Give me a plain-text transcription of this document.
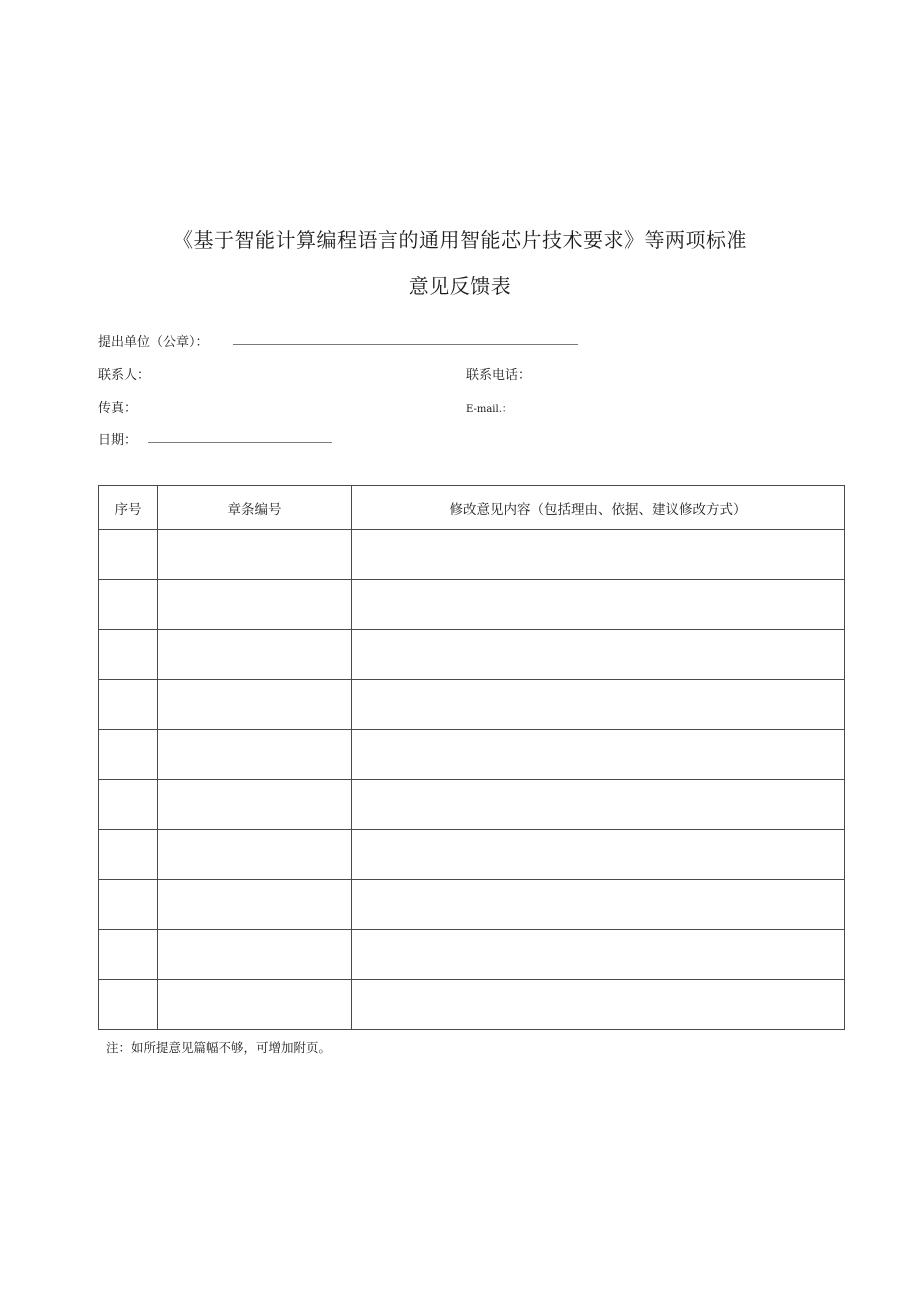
《基于智能计算编程语言的通用智能芯片技术要求》等两项标准
意见反馈表
提出单位（公章）：
联系人：	联系电话：
传真：	E-mail.：
日期：
序号	章条编号	修改意见内容（包括理由、依据、建议修改方式）

注：如所提意见篇幅不够，可增加附页。
